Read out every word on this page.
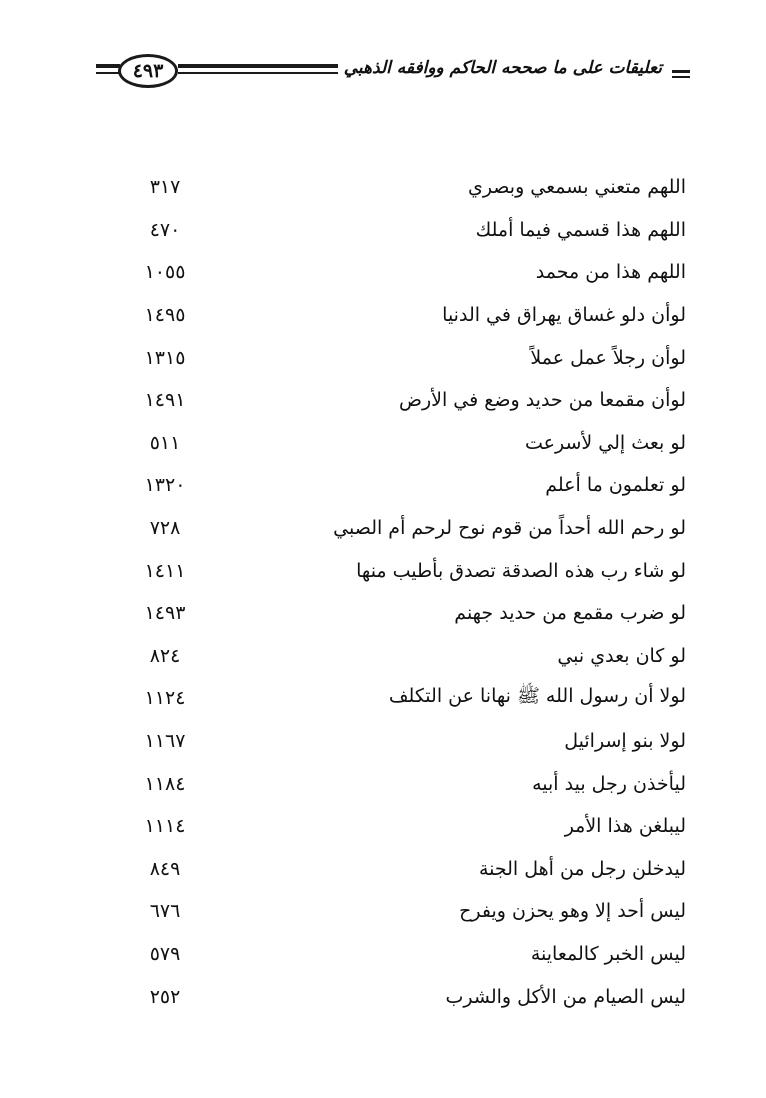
٤٩٣	تعليقات على ما صححه الحاكم ووافقه الذهبي
اللهم متعني بسمعي وبصري
٣١٧
اللهم هذا قسمي فيما أملك
٤٧٠
اللهم هذا من محمد
١٠٥٥
لوأن دلو غساق يهراق في الدنيا
١٤٩٥
لوأن رجلاً عمل عملاً
١٣١٥
لوأن مقمعا من حديد وضع في الأرض
١٤٩١
لو بعث إلي لأسرعت
٥١١
لو تعلمون ما أعلم
١٣٢٠
لو رحم الله أحداً من قوم نوح لرحم أم الصبي
٧٢٨
لو شاء رب هذه الصدقة تصدق بأطيب منها
١٤١١
لو ضرب مقمع من حديد جهنم
١٤٩٣
لو كان بعدي نبي
٨٢٤
لولا أن رسول الله ﷺ نهانا عن التكلف
١١٢٤
لولا بنو إسرائيل
١١٦٧
ليأخذن رجل بيد أبيه
١١٨٤
ليبلغن هذا الأمر
١١١٤
ليدخلن رجل من أهل الجنة
٨٤٩
ليس أحد إلا وهو يحزن ويفرح
٦٧٦
ليس الخبر كالمعاينة
٥٧٩
ليس الصيام من الأكل والشرب
٢٥٢
